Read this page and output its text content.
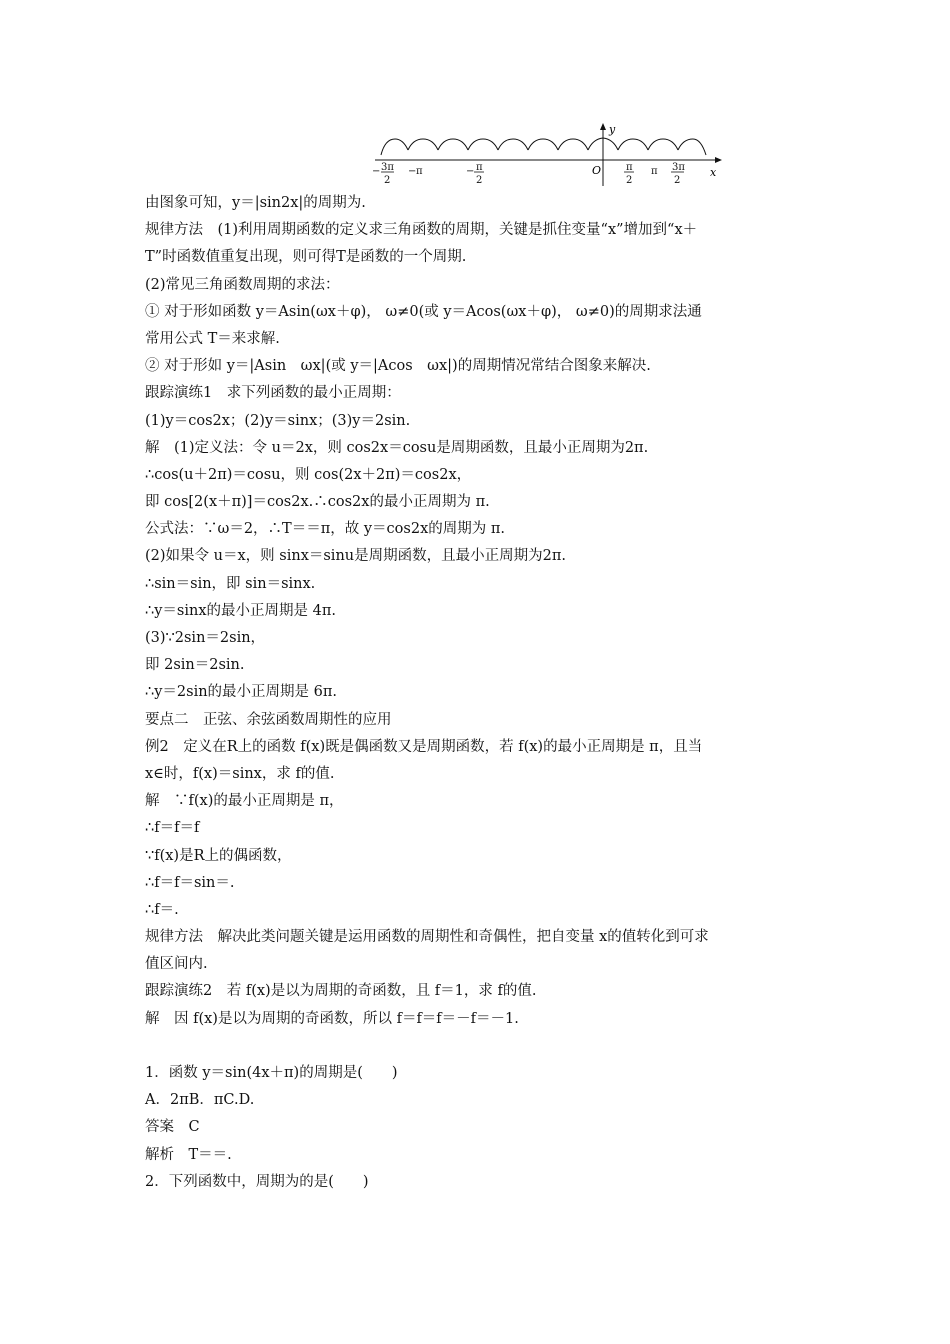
y
x
O
− 3π
2
− π	− π
2
π
2
π 3π
2
由图象可知，y＝|sin2x|的周期为.
规律方法　(1)利用周期函数的定义求三角函数的周期，关键是抓住变量“x”增加到“x＋
T”时函数值重复出现，则可得T是函数的一个周期.
(2)常见三角函数周期的求法：
① 对于形如函数 y＝Asin(ωx＋φ)， ω≠0(或 y＝Acos(ωx＋φ)， ω≠0)的周期求法通
常用公式 T＝来求解.
② 对于形如 y＝|Asin　ωx|(或 y＝|Acos　ωx|)的周期情况常结合图象来解决.
跟踪演练1　求下列函数的最小正周期：
(1)y＝cos2x；(2)y＝sinx；(3)y＝2sin.
解　(1)定义法：令 u＝2x，则 cos2x＝cosu是周期函数，且最小正周期为2π.
∴cos(u＋2π)＝cosu，则 cos(2x＋2π)＝cos2x，
即 cos[2(x＋π)]＝cos2x.∴cos2x的最小正周期为 π.
公式法：∵ω＝2，∴T＝＝π，故 y＝cos2x的周期为 π.
(2)如果令 u＝x，则 sinx＝sinu是周期函数，且最小正周期为2π.
∴sin＝sin，即 sin＝sinx.
∴y＝sinx的最小正周期是 4π.
(3)∵2sin＝2sin，
即 2sin＝2sin.
∴y＝2sin的最小正周期是 6π.
要点二　正弦、余弦函数周期性的应用
例2　定义在R上的函数 f(x)既是偶函数又是周期函数，若 f(x)的最小正周期是 π，且当
x∈时，f(x)＝sinx，求 f的值.
解　∵f(x)的最小正周期是 π，
∴f＝f＝f
∵f(x)是R上的偶函数，
∴f＝f＝sin＝.
∴f＝.
规律方法　解决此类问题关键是运用函数的周期性和奇偶性，把自变量 x的值转化到可求
值区间内.
跟踪演练2　若 f(x)是以为周期的奇函数，且 f＝1，求 f的值.
解　因 f(x)是以为周期的奇函数，所以 f＝f＝f＝－f＝－1.
1．函数 y＝sin(4x＋π)的周期是(　　)
A．2πB．πC.D.
答案　C
解析　T＝＝.
2．下列函数中，周期为的是(　　)
